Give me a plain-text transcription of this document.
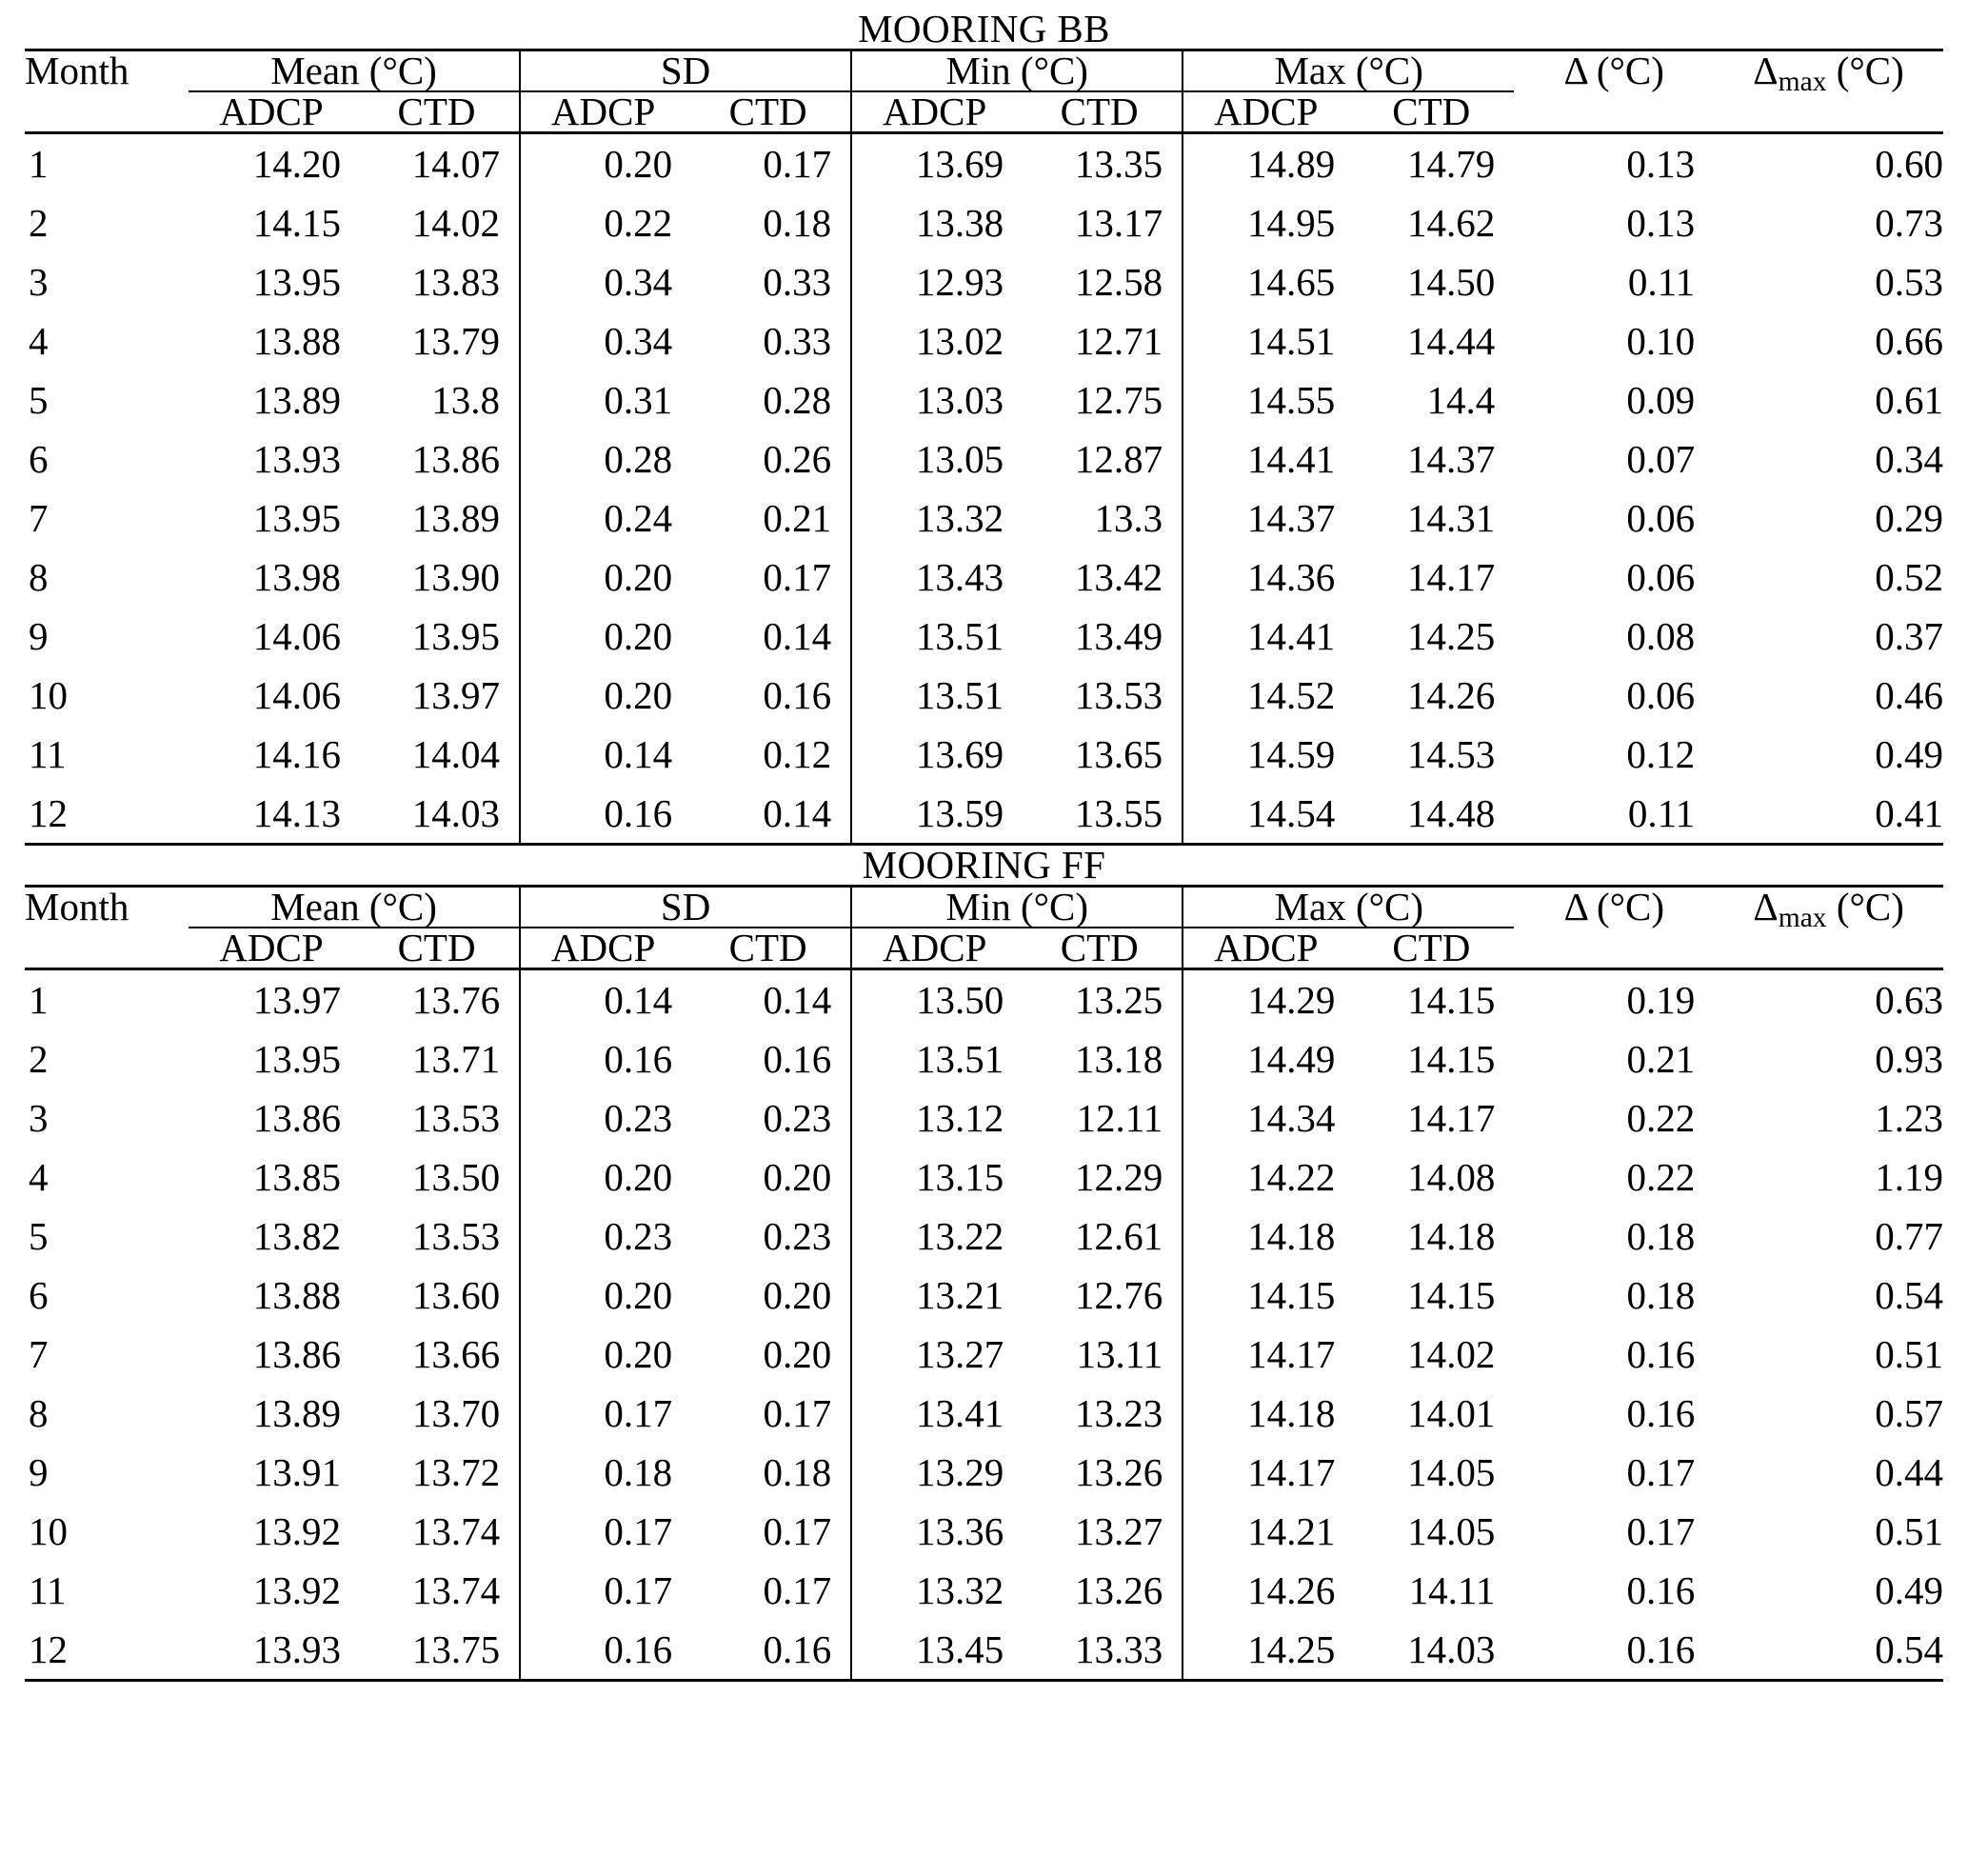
MOORING BB										

Month	Mean (°C)		SD		Min (°C)		Max (°C)		Δ (°C)	Δmax (°C)
	ADCP	CTD	ADCP	CTD	ADCP	CTD	ADCP	CTD		

1	14.20	14.07	0.20	0.17	13.69	13.35	14.89	14.79	0.13	0.60
2	14.15	14.02	0.22	0.18	13.38	13.17	14.95	14.62	0.13	0.73
3	13.95	13.83	0.34	0.33	12.93	12.58	14.65	14.50	0.11	0.53
4	13.88	13.79	0.34	0.33	13.02	12.71	14.51	14.44	0.10	0.66
5	13.89	13.8	0.31	0.28	13.03	12.75	14.55	14.4	0.09	0.61
6	13.93	13.86	0.28	0.26	13.05	12.87	14.41	14.37	0.07	0.34
7	13.95	13.89	0.24	0.21	13.32	13.3	14.37	14.31	0.06	0.29
8	13.98	13.90	0.20	0.17	13.43	13.42	14.36	14.17	0.06	0.52
9	14.06	13.95	0.20	0.14	13.51	13.49	14.41	14.25	0.08	0.37
10	14.06	13.97	0.20	0.16	13.51	13.53	14.52	14.26	0.06	0.46
11	14.16	14.04	0.14	0.12	13.69	13.65	14.59	14.53	0.12	0.49
12	14.13	14.03	0.16	0.14	13.59	13.55	14.54	14.48	0.11	0.41

MOORING FF										

Month	Mean (°C)		SD		Min (°C)		Max (°C)		Δ (°C)	Δmax (°C)
	ADCP	CTD	ADCP	CTD	ADCP	CTD	ADCP	CTD		

1	13.97	13.76	0.14	0.14	13.50	13.25	14.29	14.15	0.19	0.63
2	13.95	13.71	0.16	0.16	13.51	13.18	14.49	14.15	0.21	0.93
3	13.86	13.53	0.23	0.23	13.12	12.11	14.34	14.17	0.22	1.23
4	13.85	13.50	0.20	0.20	13.15	12.29	14.22	14.08	0.22	1.19
5	13.82	13.53	0.23	0.23	13.22	12.61	14.18	14.18	0.18	0.77
6	13.88	13.60	0.20	0.20	13.21	12.76	14.15	14.15	0.18	0.54
7	13.86	13.66	0.20	0.20	13.27	13.11	14.17	14.02	0.16	0.51
8	13.89	13.70	0.17	0.17	13.41	13.23	14.18	14.01	0.16	0.57
9	13.91	13.72	0.18	0.18	13.29	13.26	14.17	14.05	0.17	0.44
10	13.92	13.74	0.17	0.17	13.36	13.27	14.21	14.05	0.17	0.51
11	13.92	13.74	0.17	0.17	13.32	13.26	14.26	14.11	0.16	0.49
12	13.93	13.75	0.16	0.16	13.45	13.33	14.25	14.03	0.16	0.54
